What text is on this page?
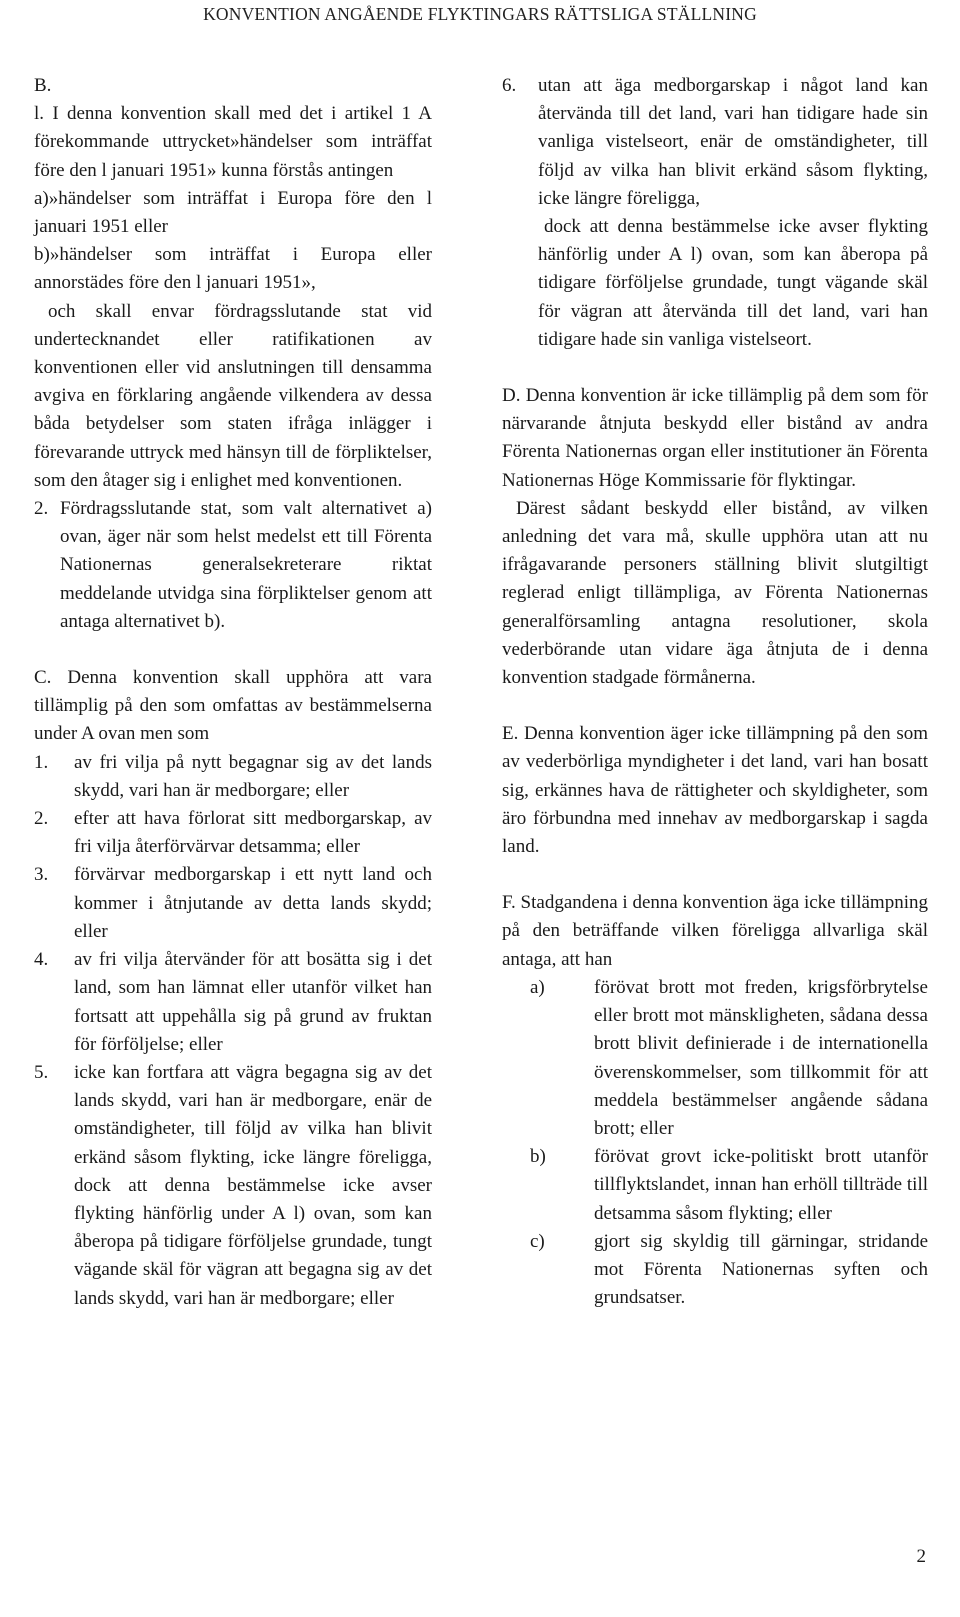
KONVENTION ANGÅENDE FLYKTINGARS RÄTTSLIGA STÄLLNING

B.

l. I denna konvention skall med det i artikel 1 A förekommande uttrycket»händelser som inträffat före den l januari 1951» kunna förstås antingen

a)»händelser som inträffat i Europa före den l januari 1951 eller

b)»händelser som inträffat i Europa eller annorstädes före den l januari 1951»,

och skall envar fördragsslutande stat vid undertecknandet eller ratifikationen av konventionen eller vid anslutningen till densamma avgiva en förklaring angående vilkendera av dessa båda betydelser som staten ifråga inlägger i förevarande uttryck med hänsyn till de förpliktelser, som den åtager sig i enlighet med konventionen.

2. Fördragsslutande stat, som valt alternativet a) ovan, äger när som helst medelst ett till Förenta Nationernas generalsekreterare riktat meddelande utvidga sina förpliktelser genom att antaga alternativet b).

C. Denna konvention skall upphöra att vara tillämplig på den som omfattas av bestämmelserna under A ovan men som

1.	av fri vilja på nytt begagnar sig av det lands skydd, vari han är medborgare; eller
2.	efter att hava förlorat sitt medborgarskap, av fri vilja återförvärvar detsamma; eller
3.	förvärvar medborgarskap i ett nytt land och kommer i åtnjutande av detta lands skydd; eller
4.	av fri vilja återvänder för att bosätta sig i det land, som han lämnat eller utanför vilket han fortsatt att uppehålla sig på grund av fruktan för förföljelse; eller
5.	icke kan fortfara att vägra begagna sig av det lands skydd, vari han är medborgare, enär de omständigheter, till följd av vilka han blivit erkänd såsom flykting, icke längre föreligga, dock att denna bestämmelse icke avser flykting hänförlig under A l) ovan, som kan åberopa på tidigare förföljelse grundade, tungt vägande skäl för vägran att begagna sig av det lands skydd, vari han är medborgare; eller
6.	utan att äga medborgarskap i något land kan återvända till det land, vari han tidigare hade sin vanliga vistelseort, enär de omständigheter, till följd av vilka han blivit erkänd såsom flykting, icke längre föreligga,

dock att denna bestämmelse icke avser flykting hänförlig under A l) ovan, som kan åberopa på tidigare förföljelse grundade, tungt vägande skäl för vägran att återvända till det land, vari han tidigare hade sin vanliga vistelseort.

D. Denna konvention är icke tillämplig på dem som för närvarande åtnjuta beskydd eller bistånd av andra Förenta Nationernas organ eller institutioner än Förenta Nationernas Höge Kommissarie för flyktingar.

Därest sådant beskydd eller bistånd, av vilken anledning det vara må, skulle upphöra utan att nu ifrågavarande personers ställning blivit slutgiltigt reglerad enligt tillämpliga, av Förenta Nationernas generalförsamling antagna resolutioner, skola vederbörande utan vidare äga åtnjuta de i denna konvention stadgade förmånerna.

E. Denna konvention äger icke tillämpning på den som av vederbörliga myndigheter i det land, vari han bosatt sig, erkännes hava de rättigheter och skyldigheter, som äro förbundna med innehav av medborgarskap i sagda land.

F. Stadgandena i denna konvention äga icke tillämpning på den beträffande vilken föreligga allvarliga skäl antaga, att han

a)	förövat brott mot freden, krigsförbrytelse eller brott mot mänskligheten, sådana dessa brott blivit definierade i de internationella överenskommelser, som tillkommit för att meddela bestämmelser angående sådana brott; eller
b)	förövat grovt icke-politiskt brott utanför tillflyktslandet, innan han erhöll tillträde till detsamma såsom flykting; eller
c)	gjort sig skyldig till gärningar, stridande mot Förenta Nationernas syften och grundsatser.
2
